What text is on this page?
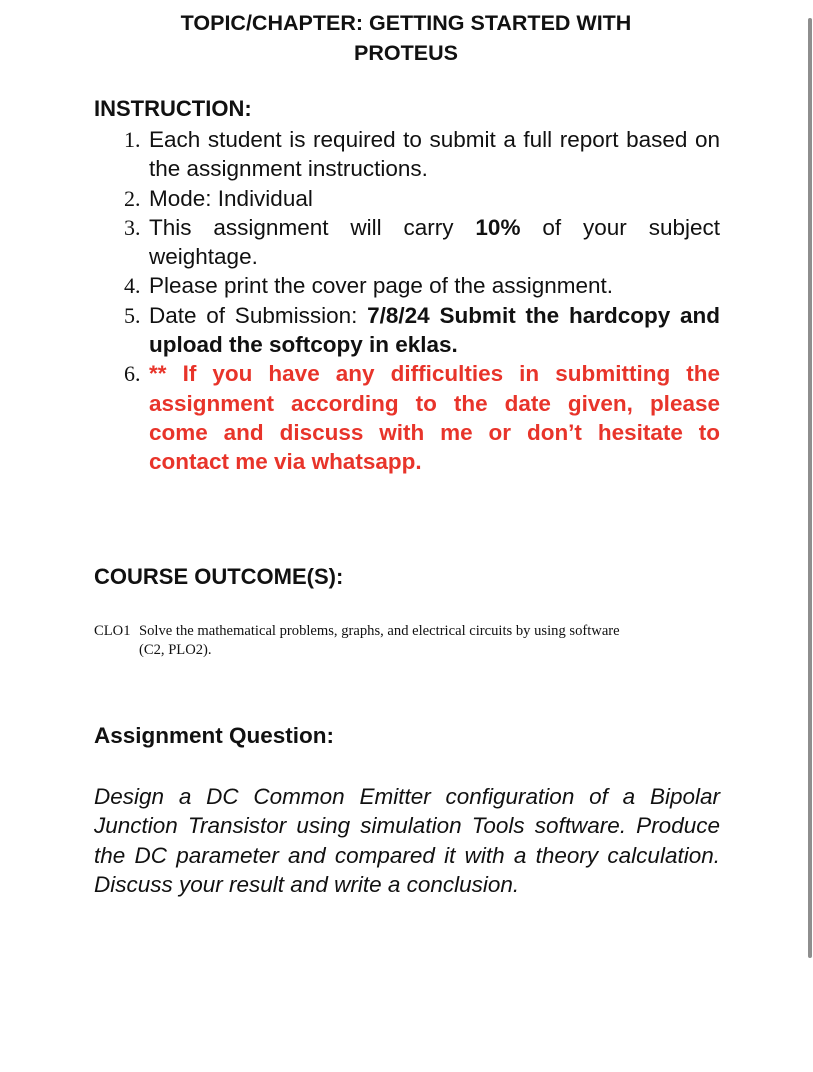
TOPIC/CHAPTER: GETTING STARTED WITH
PROTEUS
INSTRUCTION:
1. Each student is required to submit a full report based on the assignment instructions.
2. Mode: Individual
3. This assignment will carry 10% of your subject weightage.
4. Please print the cover page of the assignment.
5. Date of Submission: 7/8/24 Submit the hardcopy and upload the softcopy in eklas.
6. ** If you have any difficulties in submitting the assignment according to the date given, please come and discuss with me or don’t hesitate to contact me via whatsapp.
COURSE OUTCOME(S):
CLO1 Solve the mathematical problems, graphs, and electrical circuits by using software
(C2, PLO2).
Assignment Question:
Design a DC Common Emitter configuration of a Bipolar Junction Transistor using simulation Tools software. Produce the DC parameter and compared it with a theory calculation. Discuss your result and write a conclusion.
